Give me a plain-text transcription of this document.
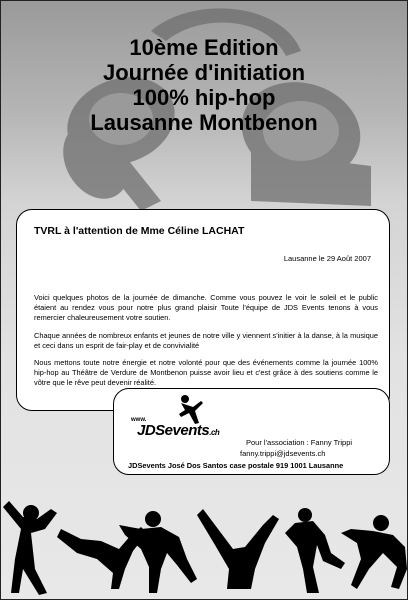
10ème Edition
Journée d'initiation
100% hip-hop
Lausanne Montbenon
TVRL à l'attention de Mme Céline LACHAT
Lausanne le 29 Août 2007

Voici quelques photos de la journée de dimanche. Comme vous pouvez le voir le soleil et le public étaient au rendez vous pour notre plus grand plaisir Toute l'équipe de JDS Events tenons à vous remercier chaleureusement votre soutien.

Chaque années de nombreux enfants et jeunes de notre ville y viennent s'initier à la danse, à la musique et ceci dans un esprit de fair-play et de convivialité

Nous mettons toute notre énergie et notre volonté pour que des événements comme la journée 100% hip-hop au Théâtre de Verdure de Montbenon puisse avoir lieu et c'est grâce à des soutiens comme le vôtre que le rêve peut devenir réalité.

www.
JDSevents.ch
Pour l'association : Fanny Trippi
fanny.trippi@jdsevents.ch
JDSevents José Dos Santos case postale 919 1001 Lausanne
